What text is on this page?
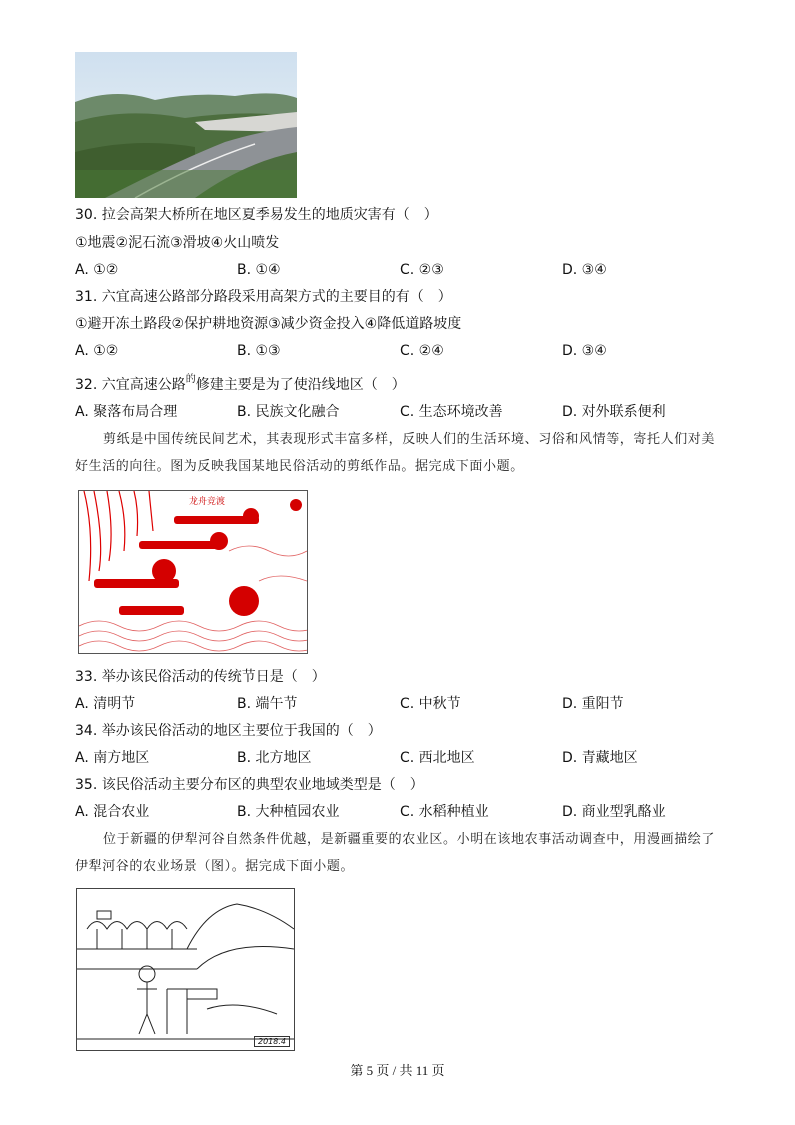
30. 拉会高架大桥所在地区夏季易发生的地质灾害有（　）
①地震②泥石流③滑坡④火山喷发
A. ①②	B. ①④	C. ②③	D. ③④
31. 六宜高速公路部分路段采用高架方式的主要目的有（　）
①避开冻土路段②保护耕地资源③减少资金投入④降低道路坡度
A. ①②	B. ①③	C. ②④	D. ③④
32. 六宜高速公路$^的$修建主要是为了使沿线地区（　）
A. 聚落布局合理	B. 民族文化融合	C. 生态环境改善	D. 对外联系便利
剪纸是中国传统民间艺术，其表现形式丰富多样，反映人们的生活环境、习俗和风情等，寄托人们对美好生活的向往。图为反映我国某地民俗活动的剪纸作品。据完成下面小题。
龙舟竞渡
33. 举办该民俗活动的传统节日是（　）
A. 清明节	B. 端午节	C. 中秋节	D. 重阳节
34. 举办该民俗活动的地区主要位于我国的（　）
A. 南方地区	B. 北方地区	C. 西北地区	D. 青藏地区
35. 该民俗活动主要分布区的典型农业地域类型是（　）
A. 混合农业	B. 大种植园农业	C. 水稻种植业	D. 商业型乳酪业
位于新疆的伊犁河谷自然条件优越，是新疆重要的农业区。小明在该地农事活动调查中，用漫画描绘了伊犁河谷的农业场景（图）。据完成下面小题。
2018.4
第 5 页 / 共 11 页
